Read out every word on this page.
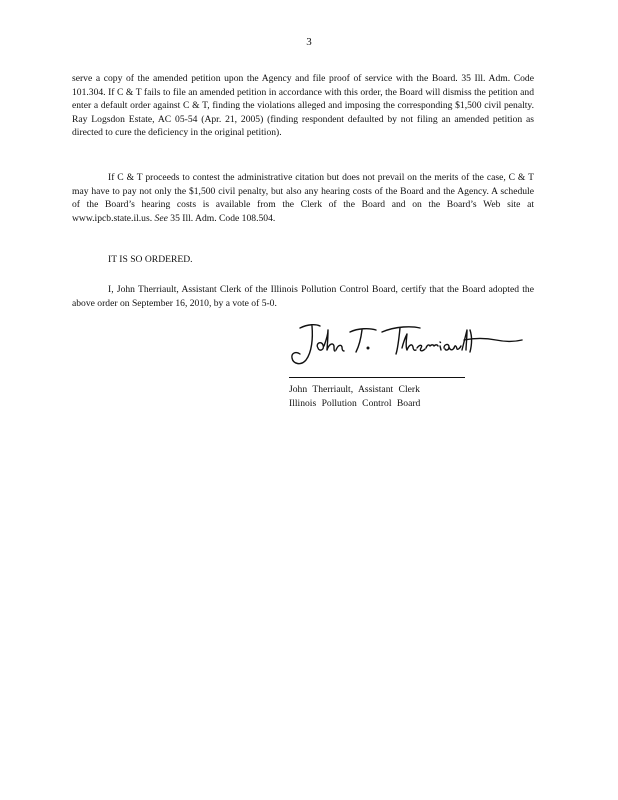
3
serve a copy of the amended petition upon the Agency and file proof of service with the Board. 35 Ill. Adm. Code 101.304. If C & T fails to file an amended petition in accordance with this order, the Board will dismiss the petition and enter a default order against C & T, finding the violations alleged and imposing the corresponding $1,500 civil penalty. Ray Logsdon Estate, AC 05-54 (Apr. 21, 2005) (finding respondent defaulted by not filing an amended petition as directed to cure the deficiency in the original petition).
If C & T proceeds to contest the administrative citation but does not prevail on the merits of the case, C & T may have to pay not only the $1,500 civil penalty, but also any hearing costs of the Board and the Agency. A schedule of the Board’s hearing costs is available from the Clerk of the Board and on the Board’s Web site at www.ipcb.state.il.us. See 35 Ill. Adm. Code 108.504.
IT IS SO ORDERED.
I, John Therriault, Assistant Clerk of the Illinois Pollution Control Board, certify that the Board adopted the above order on September 16, 2010, by a vote of 5-0.
John Therriault, Assistant Clerk
Illinois Pollution Control Board
